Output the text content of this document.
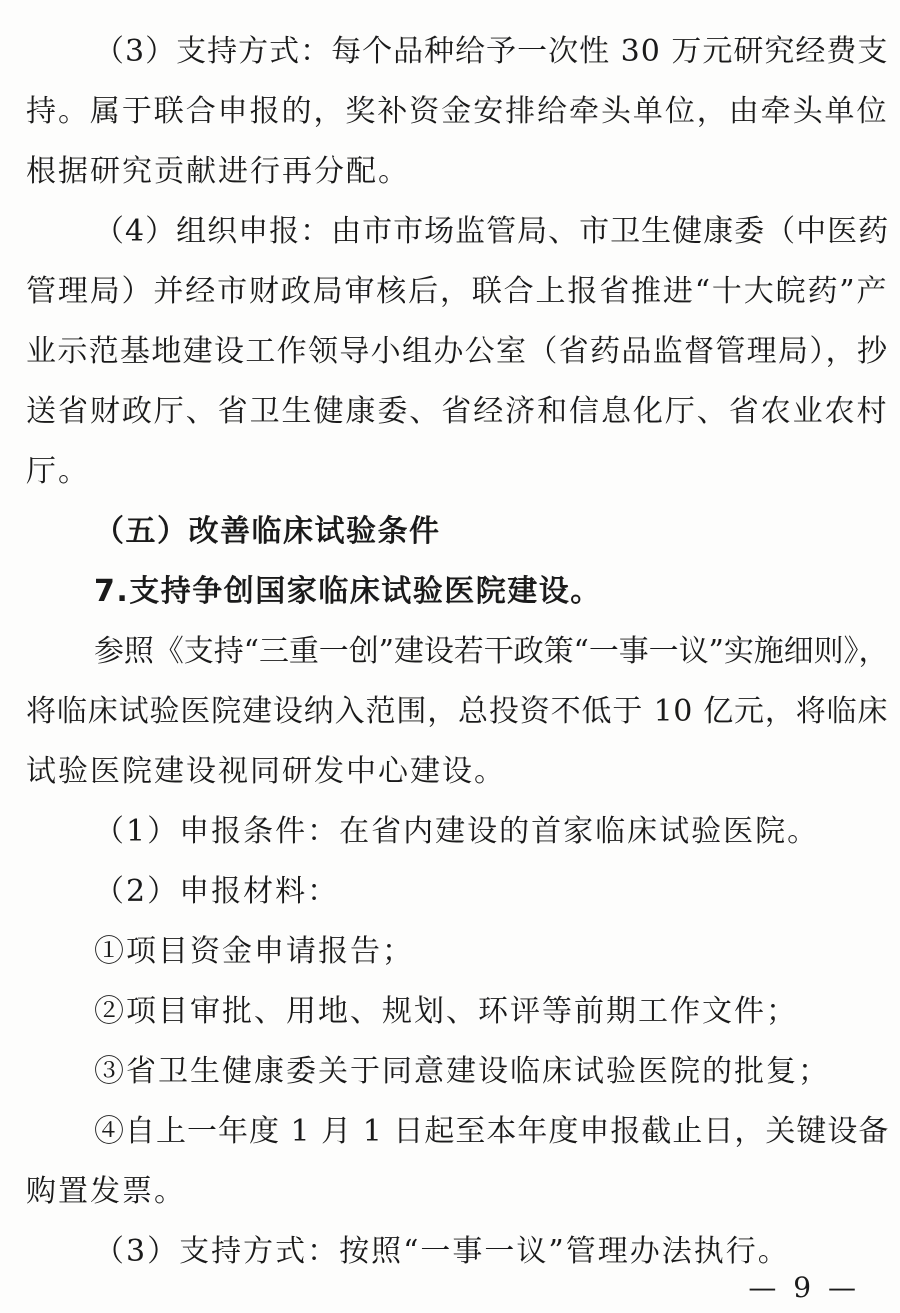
（3）支持方式：每个品种给予一次性 30 万元研究经费支
持。属于联合申报的，奖补资金安排给牵头单位，由牵头单位
根据研究贡献进行再分配。
（4）组织申报：由市市场监管局、市卫生健康委（中医药
管理局）并经市财政局审核后，联合上报省推进“十大皖药”产
业示范基地建设工作领导小组办公室（省药品监督管理局），抄
送省财政厅、省卫生健康委、省经济和信息化厅、省农业农村
厅。
（五）改善临床试验条件
7.支持争创国家临床试验医院建设。
参照《支持“三重一创”建设若干政策“一事一议”实施细则》，
将临床试验医院建设纳入范围，总投资不低于 10 亿元，将临床
试验医院建设视同研发中心建设。
（1）申报条件：在省内建设的首家临床试验医院。
（2）申报材料：
①项目资金申请报告；
②项目审批、用地、规划、环评等前期工作文件；
③省卫生健康委关于同意建设临床试验医院的批复；
④自上一年度 1 月 1 日起至本年度申报截止日，关键设备
购置发票。
（3）支持方式：按照“一事一议”管理办法执行。
— 9 —
